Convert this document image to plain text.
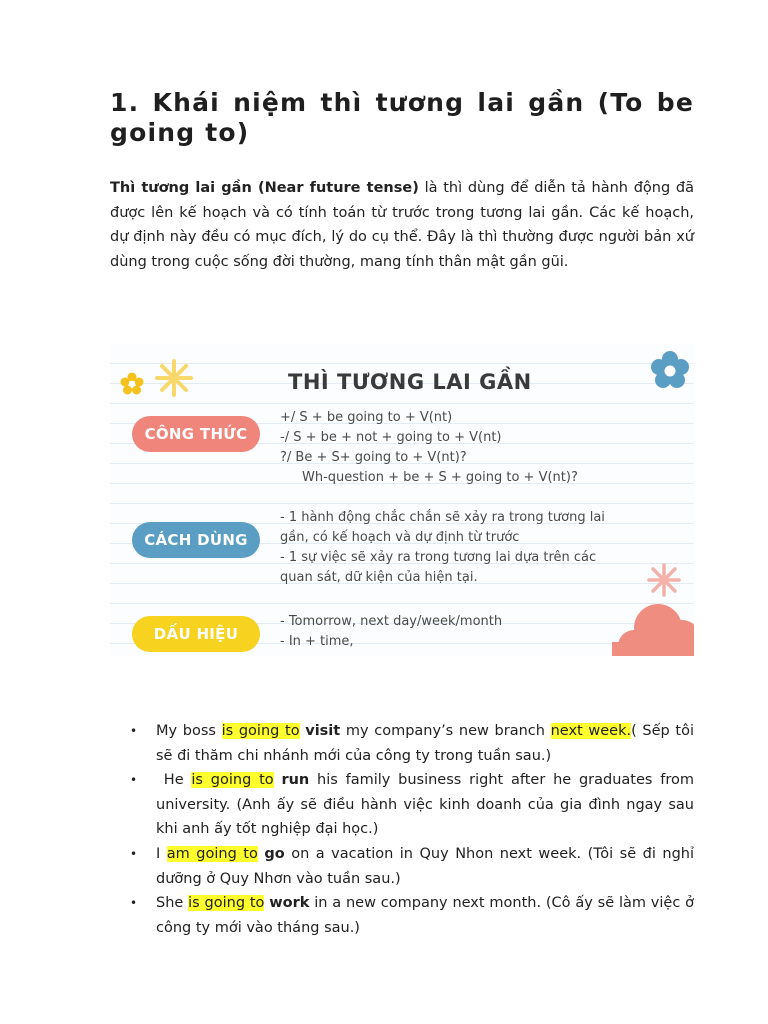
1. Khái niệm thì tương lai gần (To be going to)

Thì tương lai gần (Near future tense) là thì dùng để diễn tả hành động đã được lên kế hoạch và có tính toán từ trước trong tương lai gần. Các kế hoạch, dự định này đều có mục đích, lý do cụ thể. Đây là thì thường được người bản xứ dùng trong cuộc sống đời thường, mang tính thân mật gần gũi.

THÌ TƯƠNG LAI GẦN
CÔNG THỨC
+/ S + be going to + V(nt)
-/ S + be + not + going to + V(nt)
?/ Be + S+ going to + V(nt)?
Wh-question + be + S + going to + V(nt)?
CÁCH DÙNG
- 1 hành động chắc chắn sẽ xảy ra trong tương lai
gần, có kế hoạch và dự định từ trước
- 1 sự việc sẽ xảy ra trong tương lai dựa trên các
quan sát, dữ kiện của hiện tại.
DẤU HIỆU
- Tomorrow, next day/week/month
- In + time,
• My boss is going to visit my company’s new branch next week.( Sếp tôi sẽ đi thăm chi nhánh mới của công ty trong tuần sau.)
• He is going to run his family business right after he graduates from university. (Anh ấy sẽ điều hành việc kinh doanh của gia đình ngay sau khi anh ấy tốt nghiệp đại học.)
• I am going to go on a vacation in Quy Nhon next week. (Tôi sẽ đi nghỉ dưỡng ở Quy Nhơn vào tuần sau.)
• She is going to work in a new company next month. (Cô ấy sẽ làm việc ở công ty mới vào tháng sau.)
